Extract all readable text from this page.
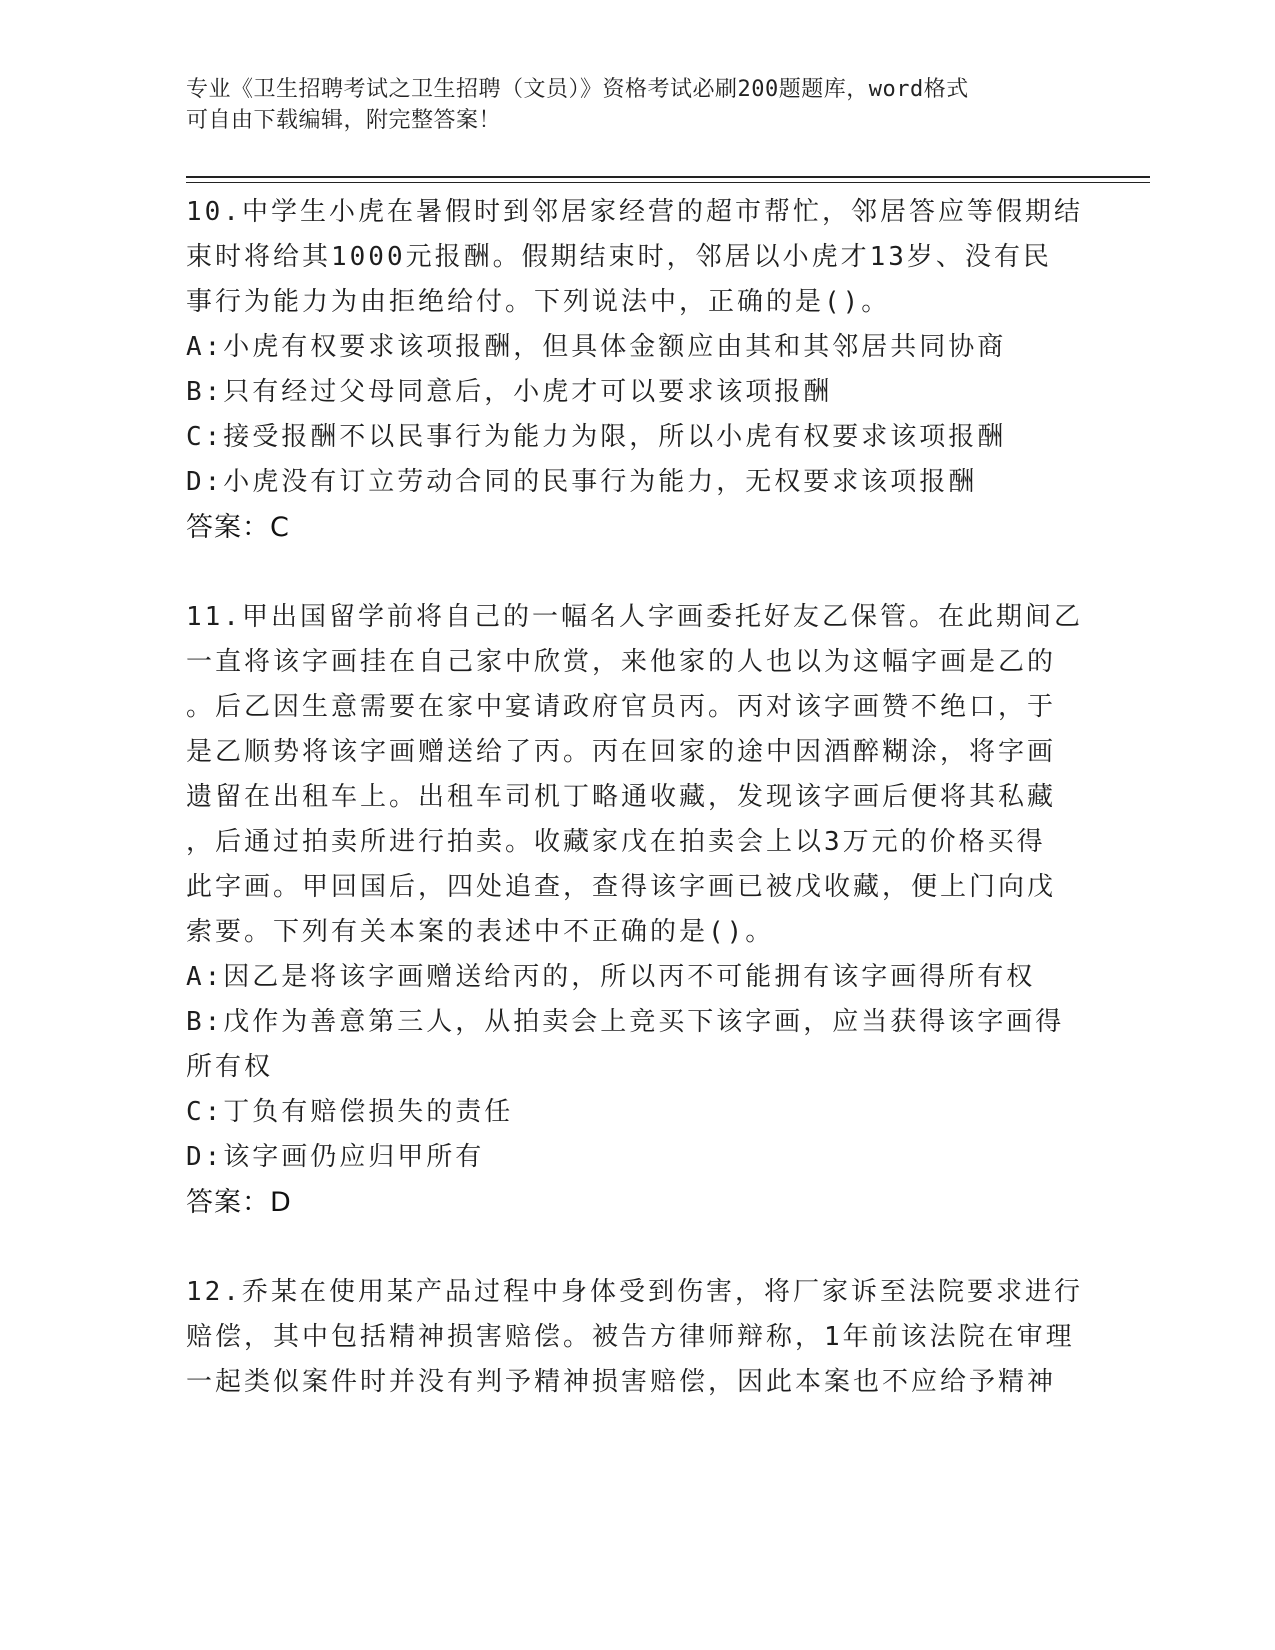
专业《卫生招聘考试之卫生招聘（文员）》资格考试必刷200题题库，word格式
可自由下载编辑，附完整答案！
10.中学生小虎在暑假时到邻居家经营的超市帮忙，邻居答应等假期结
束时将给其1000元报酬。假期结束时，邻居以小虎才13岁、没有民
事行为能力为由拒绝给付。下列说法中，正确的是()。
A:小虎有权要求该项报酬，但具体金额应由其和其邻居共同协商
B:只有经过父母同意后，小虎才可以要求该项报酬
C:接受报酬不以民事行为能力为限，所以小虎有权要求该项报酬
D:小虎没有订立劳动合同的民事行为能力，无权要求该项报酬
答案：C
11.甲出国留学前将自己的一幅名人字画委托好友乙保管。在此期间乙
一直将该字画挂在自己家中欣赏，来他家的人也以为这幅字画是乙的
。后乙因生意需要在家中宴请政府官员丙。丙对该字画赞不绝口，于
是乙顺势将该字画赠送给了丙。丙在回家的途中因酒醉糊涂，将字画
遗留在出租车上。出租车司机丁略通收藏，发现该字画后便将其私藏
，后通过拍卖所进行拍卖。收藏家戊在拍卖会上以3万元的价格买得
此字画。甲回国后，四处追查，查得该字画已被戊收藏，便上门向戊
索要。下列有关本案的表述中不正确的是()。
A:因乙是将该字画赠送给丙的，所以丙不可能拥有该字画得所有权
B:戊作为善意第三人，从拍卖会上竞买下该字画，应当获得该字画得
所有权
C:丁负有赔偿损失的责任
D:该字画仍应归甲所有
答案：D
12.乔某在使用某产品过程中身体受到伤害，将厂家诉至法院要求进行
赔偿，其中包括精神损害赔偿。被告方律师辩称，1年前该法院在审理
一起类似案件时并没有判予精神损害赔偿，因此本案也不应给予精神
